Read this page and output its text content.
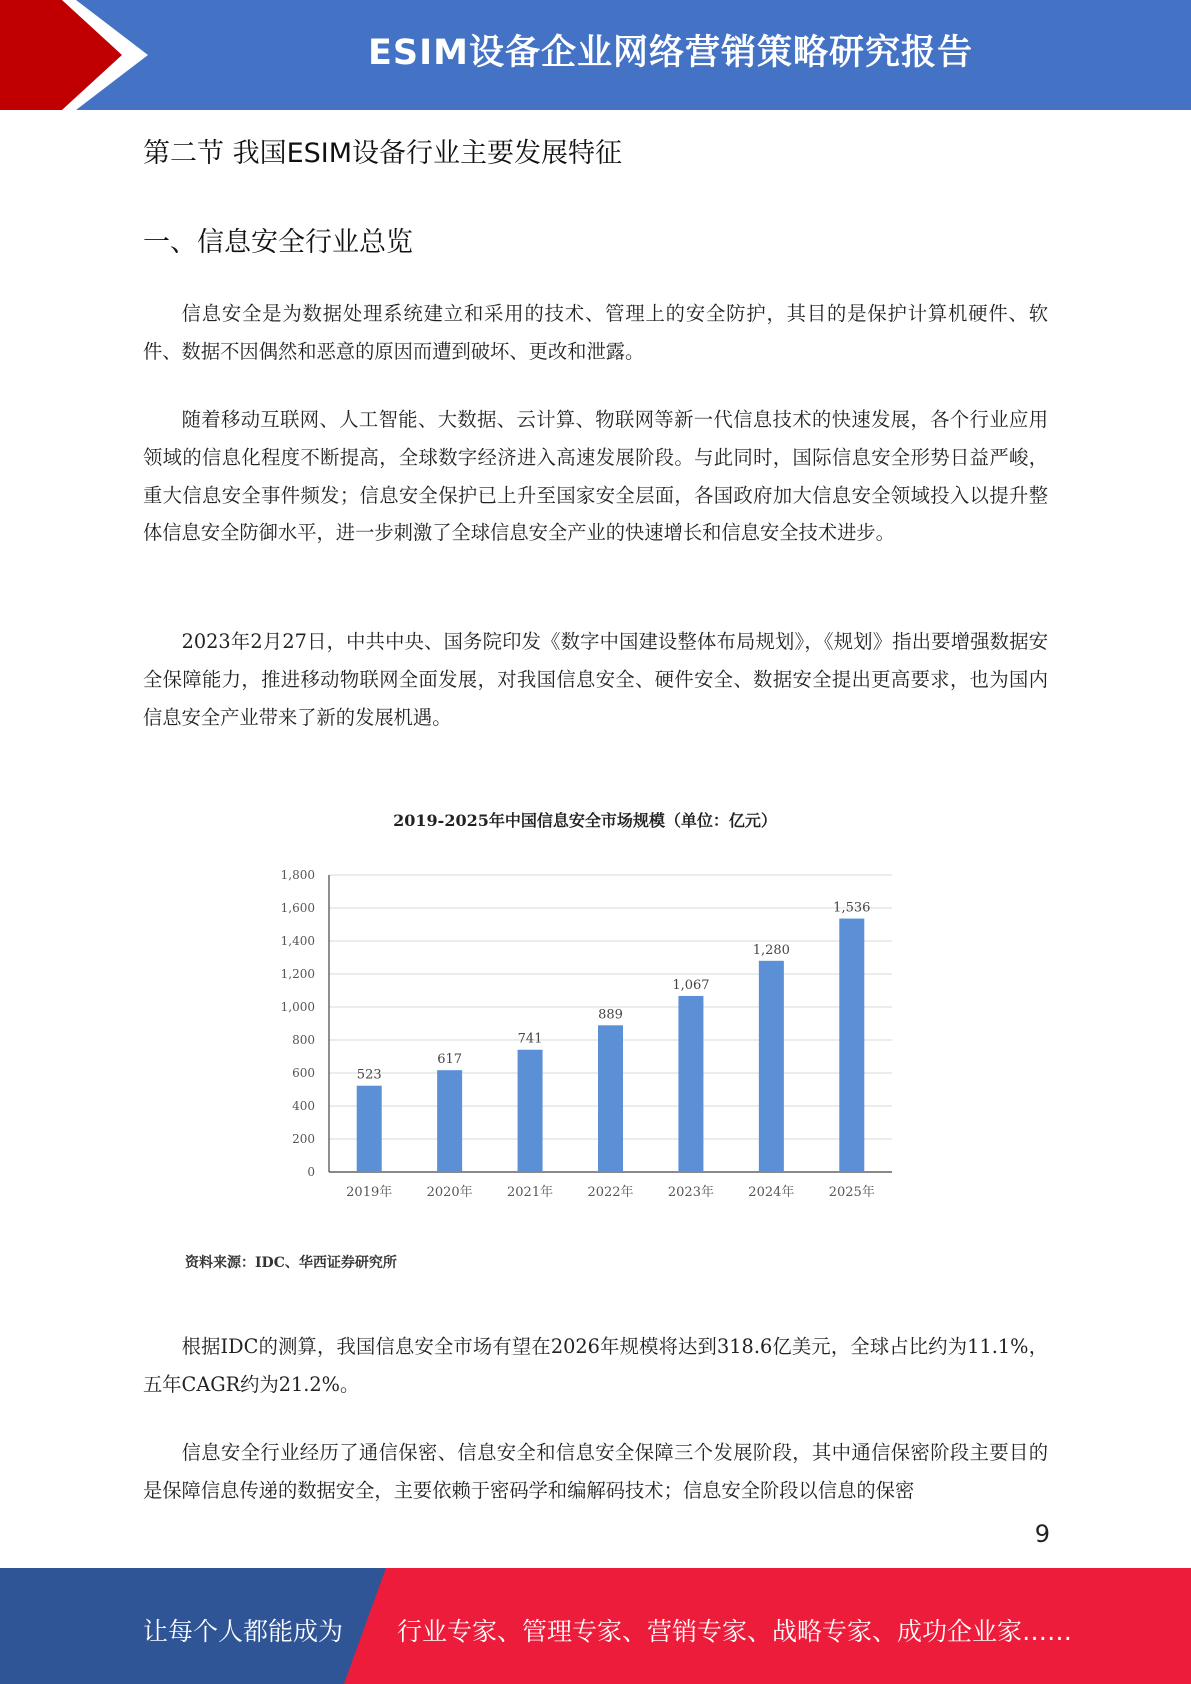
ESIM设备企业网络营销策略研究报告
第二节 我国ESIM设备行业主要发展特征
一、信息安全行业总览

信息安全是为数据处理系统建立和采用的技术、管理上的安全防护，其目的是保护计算机硬件、软件、数据不因偶然和恶意的原因而遭到破坏、更改和泄露。

随着移动互联网、人工智能、大数据、云计算、物联网等新一代信息技术的快速发展，各个行业应用领域的信息化程度不断提高，全球数字经济进入高速发展阶段。与此同时，国际信息安全形势日益严峻，重大信息安全事件频发；信息安全保护已上升至国家安全层面，各国政府加大信息安全领域投入以提升整体信息安全防御水平，进一步刺激了全球信息安全产业的快速增长和信息安全技术进步。

2023年2月27日，中共中央、国务院印发《数字中国建设整体布局规划》，《规划》指出要增强数据安全保障能力，推进移动物联网全面发展，对我国信息安全、硬件安全、数据安全提出更高要求，也为国内信息安全产业带来了新的发展机遇。

2019-2025年中国信息安全市场规模（单位：亿元）
0
200
400
600
800
1,000
1,200
1,400
1,600
1,800
523
2019年
617
2020年
741
2021年
889
2022年
1,067
2023年
1,280
2024年
1,536
2025年
资料来源：IDC、华西证券研究所

根据IDC的测算，我国信息安全市场有望在2026年规模将达到318.6亿美元，全球占比约为11.1%，五年CAGR约为21.2%。

信息安全行业经历了通信保密、信息安全和信息安全保障三个发展阶段，其中通信保密阶段主要目的是保障信息传递的数据安全，主要依赖于密码学和编解码技术；信息安全阶段以信息的保密

9
让每个人都能成为 行业专家、管理专家、营销专家、战略专家、成功企业家……
